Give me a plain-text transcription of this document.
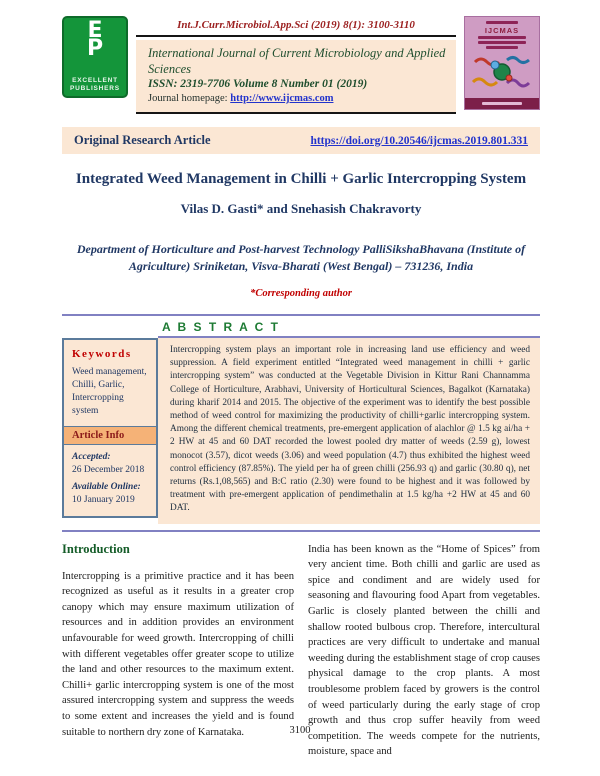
E
P
EXCELLENT
PUBLISHERS
Int.J.Curr.Microbiol.App.Sci (2019) 8(1): 3100-3110
International Journal of Current Microbiology and Applied Sciences
ISSN: 2319-7706 Volume 8 Number 01 (2019)
Journal homepage: http://www.ijcmas.com
IJCMAS
Original Research Article	https://doi.org/10.20546/ijcmas.2019.801.331
Integrated Weed Management in Chilli + Garlic Intercropping System
Vilas D. Gasti* and Snehasish Chakravorty
Department of Horticulture and Post-harvest Technology PalliSikshaBhavana (Institute of Agriculture) Sriniketan, Visva-Bharati (West Bengal) – 731236, India
*Corresponding author
A B S T R A C T
Keywords
Weed management, Chilli, Garlic, Intercropping system
Article Info
Accepted:
26 December 2018
Available Online:
10 January 2019

Intercropping system plays an important role in increasing land use efficiency and weed suppression. A field experiment entitled “Integrated weed management in chilli + garlic intercropping system” was conducted at the Vegetable Division in Kittur Rani Channamma College of Horticulture, Arabhavi, University of Horticultural Sciences, Bagalkot (Karnataka) during kharif 2014 and 2015. The objective of the experiment was to identify the best possible method of weed control for maximizing the productivity of chilli+garlic intercropping system. Among the different chemical treatments, pre-emergent application of alachlor @ 1.5 kg ai/ha + 2 HW at 45 and 60 DAT recorded the lowest pooled dry matter of weeds (2.59 g), lowest monocot (3.57), dicot weeds (3.06) and weed population (4.7) thus exhibited the highest weed control efficiency (87.85%). The yield per ha of green chilli (256.93 q) and garlic (30.80 q), net returns (Rs.1,08,565) and B:C ratio (2.30) were found to be highest and it was followed by treatment with pre-emergent application of pendimethalin at 1.5 kg/ha +2 HW at 45 and 60 DAT.

Introduction

Intercropping is a primitive practice and it has been recognized as useful as it results in a greater crop canopy which may ensure maximum utilization of resources and in addition provides an environment unfavourable for weed growth. Intercropping of chilli with different vegetables offer greater scope to utilize the land and other resources to the maximum extent. Chilli+ garlic intercropping system is one of the most assured intercropping system and suppress the weeds to some extent and increases the yield and is found suitable to northern dry zone of Karnataka.

India has been known as the “Home of Spices” from very ancient time. Both chilli and garlic are used as spice and condiment and are widely used for seasoning and flavouring food Apart from vegetables. Garlic is closely planted between the chilli and shallow rooted bulbous crop. Therefore, intercultural practices are very difficult to undertake and manual weeding during the establishment stage of crop causes physical damage to the crop plants. A most troublesome problem faced by growers is the control of weed particularly during the early stage of crop growth and thus crop suffer heavily from weed competition. The weeds compete for the nutrients, moisture, space and

3100
